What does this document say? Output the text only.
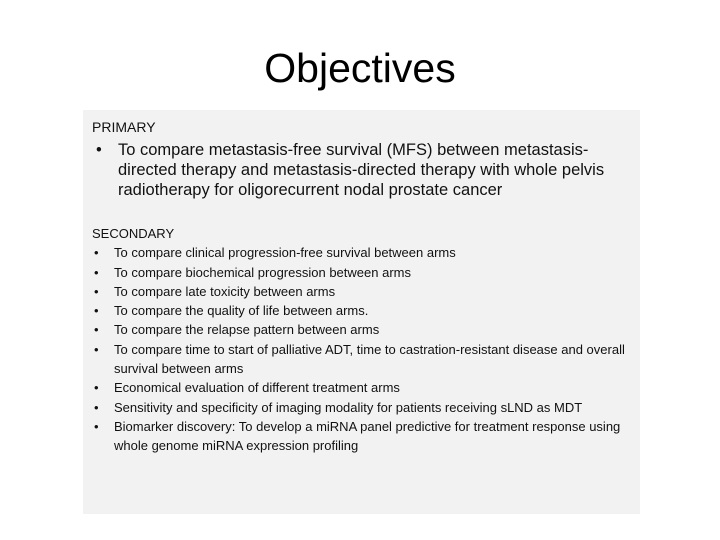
Objectives
PRIMARY
• To compare metastasis-free survival (MFS) between metastasis-directed therapy and metastasis-directed therapy with whole pelvis radiotherapy for oligorecurrent nodal prostate cancer
SECONDARY
• To compare clinical progression-free survival between arms
• To compare biochemical progression between arms
• To compare late toxicity between arms
• To compare the quality of life between arms.
• To compare the relapse pattern between arms
• To compare time to start of palliative ADT, time to castration-resistant disease and overall survival between arms
• Economical evaluation of different treatment arms
• Sensitivity and specificity of imaging modality for patients receiving sLND as MDT
• Biomarker discovery: To develop a miRNA panel predictive for treatment response using whole genome miRNA expression profiling
